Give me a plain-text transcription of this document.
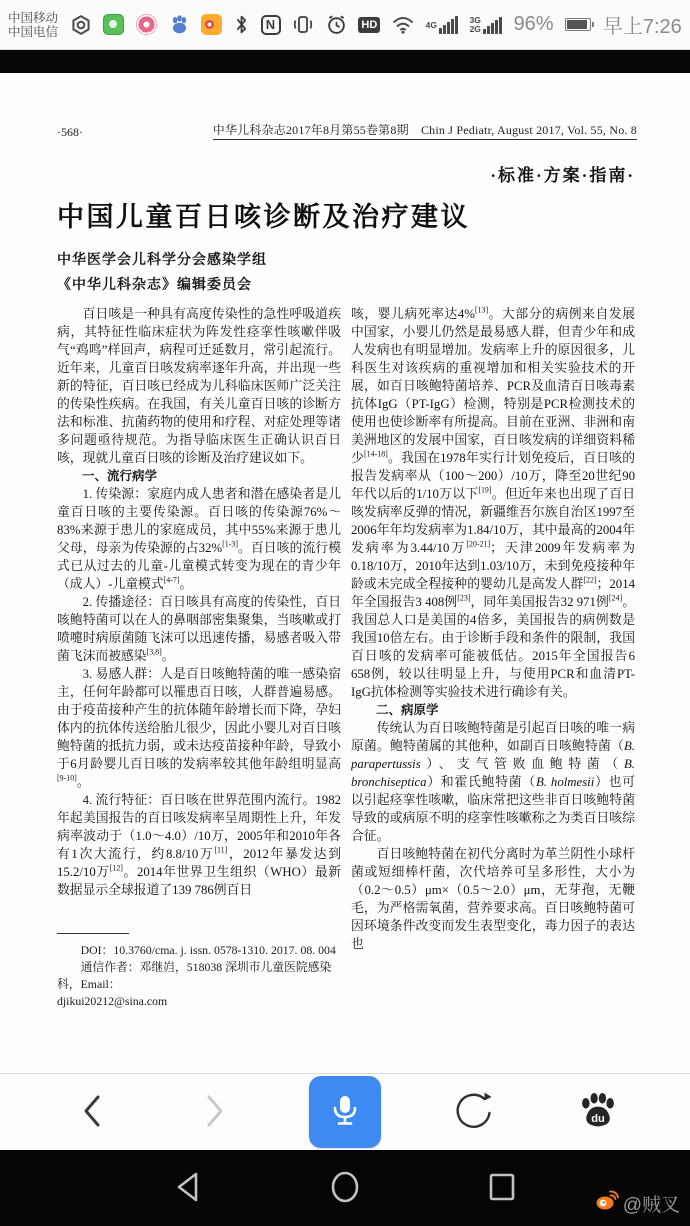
中国移动
中国电信	N	HD	4G	3G
2G 96% 早上7:26
·568·	中华儿科杂志2017年8月第55卷第8期　Chin J Pediatr, August 2017, Vol. 55, No. 8
·标准·方案·指南·
中国儿童百日咳诊断及治疗建议
中华医学会儿科学分会感染学组
《中华儿科杂志》编辑委员会

百日咳是一种具有高度传染性的急性呼吸道疾病，其特征性临床症状为阵发性痉挛性咳嗽伴吸气“鸡鸣”样回声，病程可迁延数月，常引起流行。近年来，儿童百日咳发病率逐年升高，并出现一些新的特征，百日咳已经成为儿科临床医师广泛关注的传染性疾病。在我国，有关儿童百日咳的诊断方法和标准、抗菌药物的使用和疗程、对症处理等诸多问题亟待规范。为指导临床医生正确认识百日咳，现就儿童百日咳的诊断及治疗建议如下。

一、流行病学

1. 传染源：家庭内成人患者和潜在感染者是儿童百日咳的主要传染源。百日咳的传染源76%～83%来源于患儿的家庭成员，其中55%来源于患儿父母，母亲为传染源的占32%[1-3]。百日咳的流行模式已从过去的儿童-儿童模式转变为现在的青少年（成人）-儿童模式[4-7]。

2. 传播途径：百日咳具有高度的传染性，百日咳鲍特菌可以在人的鼻咽部密集聚集，当咳嗽或打喷嚏时病原菌随飞沫可以迅速传播，易感者吸入带菌飞沫而被感染[3,8]。

3. 易感人群：人是百日咳鲍特菌的唯一感染宿主，任何年龄都可以罹患百日咳，人群普遍易感。由于疫苗接种产生的抗体随年龄增长而下降，孕妇体内的抗体传送给胎儿很少，因此小婴儿对百日咳鲍特菌的抵抗力弱，或未达疫苗接种年龄，导致小于6月龄婴儿百日咳的发病率较其他年龄组明显高[9-10]。

4. 流行特征：百日咳在世界范围内流行。1982年起美国报告的百日咳发病率呈周期性上升，年发病率波动于（1.0～4.0）/10万，2005年和2010年各有1次大流行，约8.8/10万[11]，2012年暴发达到15.2/10万[12]。2014年世界卫生组织（WHO）最新数据显示全球报道了139 786例百日

DOI：10.3760/cma. j. issn. 0578-1310. 2017. 08. 004

通信作者：邓继岿，518038 深圳市儿童医院感染科，Email：

djikui20212@sina.com

咳，婴儿病死率达4%[13]。大部分的病例来自发展中国家，小婴儿仍然是最易感人群，但青少年和成人发病也有明显增加。发病率上升的原因很多，儿科医生对该疾病的重视增加和相关实验技术的开展，如百日咳鲍特菌培养、PCR及血清百日咳毒素抗体IgG（PT-IgG）检测，特别是PCR检测技术的使用也使诊断率有所提高。目前在亚洲、非洲和南美洲地区的发展中国家，百日咳发病的详细资料稀少[14-18]。我国在1978年实行计划免疫后，百日咳的报告发病率从（100～200）/10万，降至20世纪90年代以后的1/10万以下[19]。但近年来也出现了百日咳发病率反弹的情况，新疆维吾尔族自治区1997至2006年年均发病率为1.84/10万，其中最高的2004年发病率为3.44/10万[20-21]；天津2009年发病率为0.18/10万，2010年达到1.03/10万，未到免疫接种年龄或未完成全程接种的婴幼儿是高发人群[22]；2014年全国报告3 408例[23]，同年美国报告32 971例[24]。我国总人口是美国的4倍多，美国报告的病例数是我国10倍左右。由于诊断手段和条件的限制，我国百日咳的发病率可能被低估。2015年全国报告6 658例，较以往明显上升，与使用PCR和血清PT-IgG抗体检测等实验技术进行确诊有关。

二、病原学

传统认为百日咳鲍特菌是引起百日咳的唯一病原菌。鲍特菌属的其他种，如副百日咳鲍特菌（B. parapertussis）、支气管败血鲍特菌（B. bronchiseptica）和霍氏鲍特菌（B. holmesii）也可以引起痉挛性咳嗽，临床常把这些非百日咳鲍特菌导致的或病原不明的痉挛性咳嗽称之为类百日咳综合征。

百日咳鲍特菌在初代分离时为革兰阴性小球杆菌或短细棒杆菌，次代培养可呈多形性，大小为（0.2～0.5）μm×（0.5～2.0）μm，无芽孢，无鞭毛，为严格需氧菌，营养要求高。百日咳鲍特菌可因环境条件改变而发生表型变化，毒力因子的表达也

du
@贼叉
